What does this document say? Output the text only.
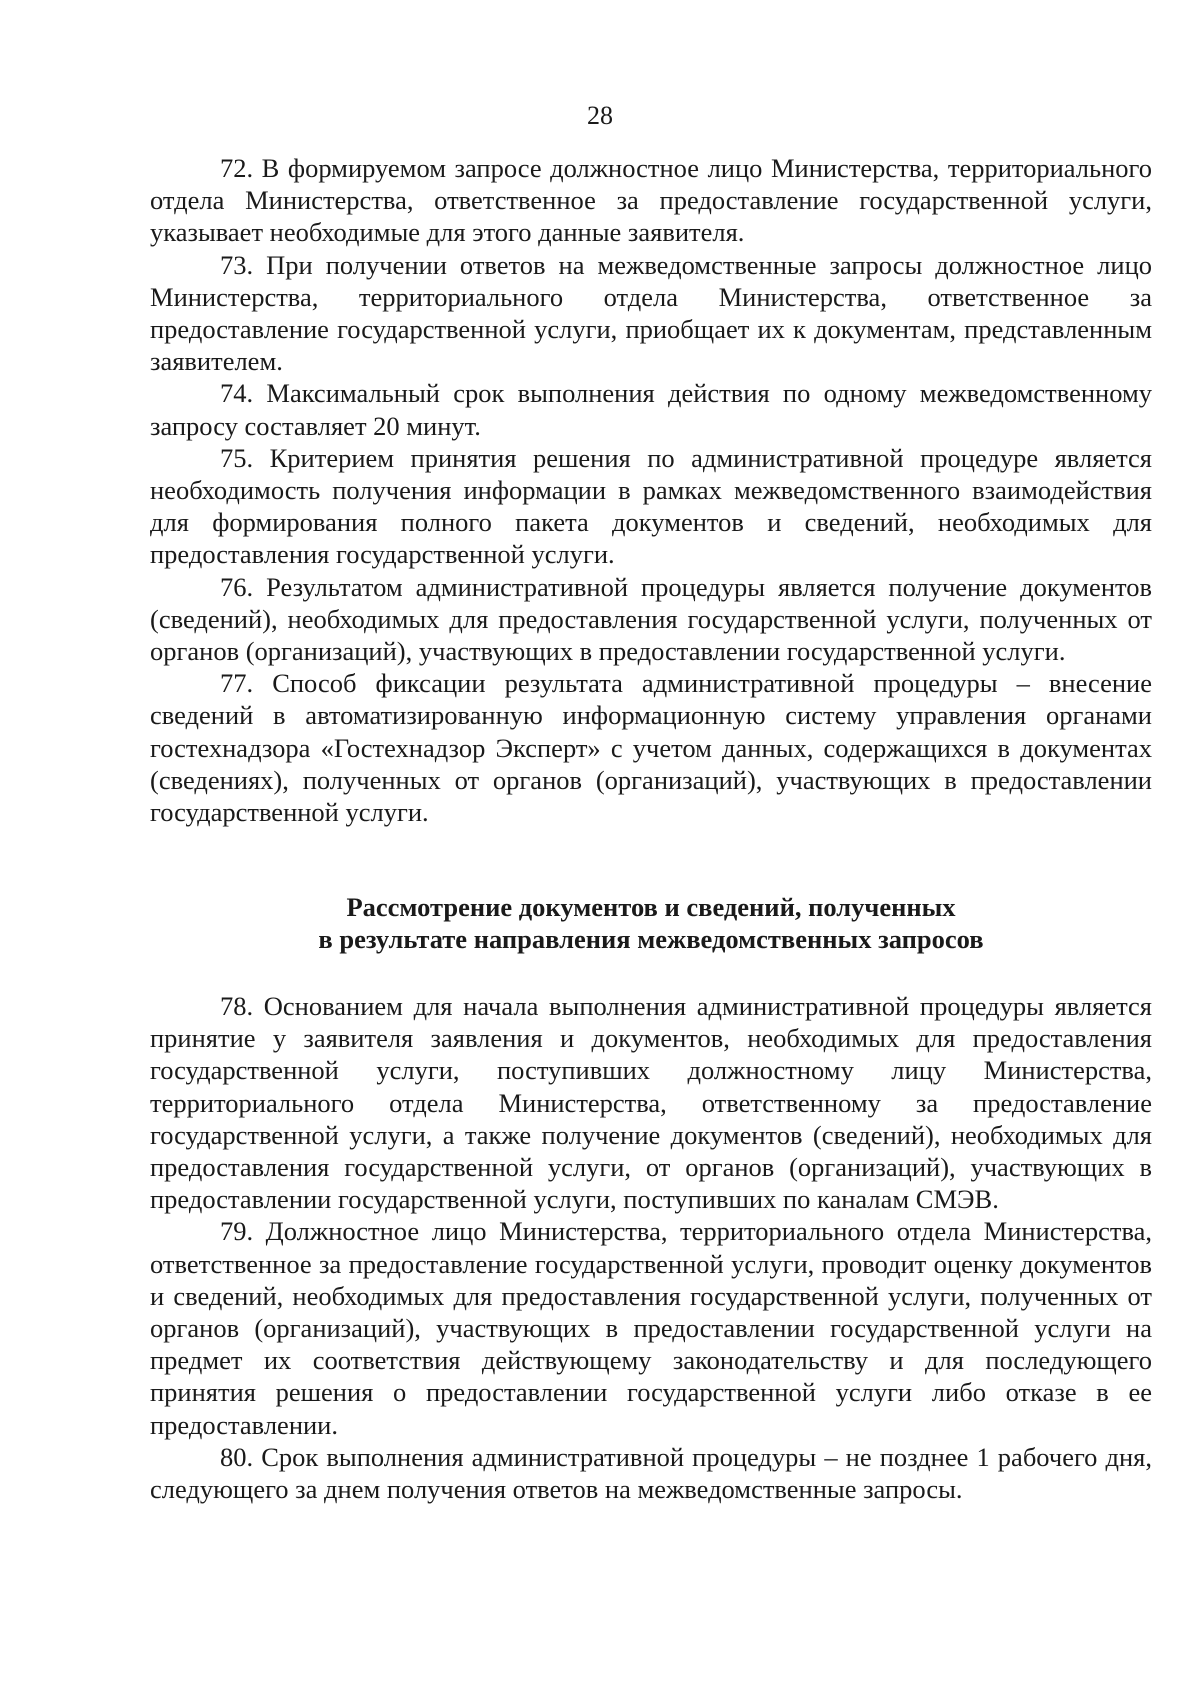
28

72. В формируемом запросе должностное лицо Министерства, территориального отдела Министерства, ответственное за предоставление государственной услуги, указывает необходимые для этого данные заявителя.

73. При получении ответов на межведомственные запросы должностное лицо Министерства, территориального отдела Министерства, ответственное за предоставление государственной услуги, приобщает их к документам, представленным заявителем.

74. Максимальный срок выполнения действия по одному межведомственному запросу составляет 20 минут.

75. Критерием принятия решения по административной процедуре является необходимость получения информации в рамках межведомственного взаимодействия для формирования полного пакета документов и сведений, необходимых для предоставления государственной услуги.

76. Результатом административной процедуры является получение документов (сведений), необходимых для предоставления государственной услуги, полученных от органов (организаций), участвующих в предоставлении государственной услуги.

77. Способ фиксации результата административной процедуры – внесение сведений в автоматизированную информационную систему управления органами гостехнадзора «Гостехнадзор Эксперт» с учетом данных, содержащихся в документах (сведениях), полученных от органов (организаций), участвующих в предоставлении государственной услуги.

Рассмотрение документов и сведений, полученных
в результате направления межведомственных запросов

78. Основанием для начала выполнения административной процедуры является принятие у заявителя заявления и документов, необходимых для предоставления государственной услуги, поступивших должностному лицу Министерства, территориального отдела Министерства, ответственному за предоставление государственной услуги, а также получение документов (сведений), необходимых для предоставления государственной услуги, от органов (организаций), участвующих в предоставлении государственной услуги, поступивших по каналам СМЭВ.

79. Должностное лицо Министерства, территориального отдела Министерства, ответственное за предоставление государственной услуги, проводит оценку документов и сведений, необходимых для предоставления государственной услуги, полученных от органов (организаций), участвующих в предоставлении государственной услуги на предмет их соответствия действующему законодательству и для последующего принятия решения о предоставлении государственной услуги либо отказе в ее предоставлении.

80. Срок выполнения административной процедуры – не позднее 1 рабочего дня, следующего за днем получения ответов на межведомственные запросы.
